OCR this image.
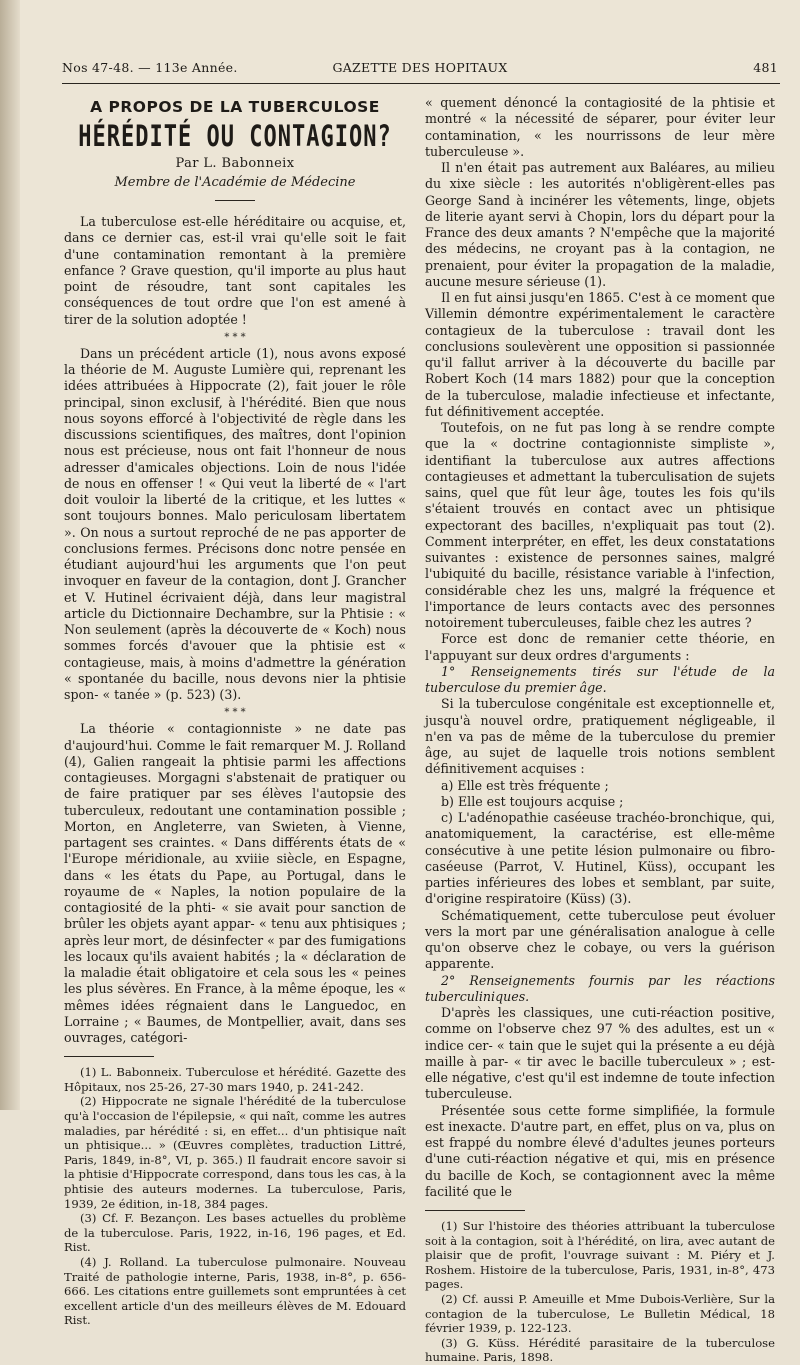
Nos 47-48. — 113e Année.	GAZETTE DES HOPITAUX	481
A PROPOS DE LA TUBERCULOSE
HÉRÉDITÉ OU CONTAGION?
Par L. Babonneix
Membre de l'Académie de Médecine

La tuberculose est-elle héréditaire ou acquise, et, dans ce dernier cas, est-il vrai qu'elle soit le fait d'une contamination remontant à la première enfance ? Grave question, qu'il importe au plus haut point de résoudre, tant sont capitales les conséquences de tout ordre que l'on est amené à tirer de la solution adoptée !

* * *

Dans un précédent article (1), nous avons exposé la théorie de M. Auguste Lumière qui, reprenant les idées attribuées à Hippocrate (2), fait jouer le rôle principal, sinon exclusif, à l'hérédité. Bien que nous nous soyons efforcé à l'objectivité de règle dans les discussions scientifiques, des maîtres, dont l'opinion nous est précieuse, nous ont fait l'honneur de nous adresser d'amicales objections. Loin de nous l'idée de nous en offenser ! « Qui veut la liberté de « l'art doit vouloir la liberté de la critique, et les luttes « sont toujours bonnes. Malo periculosam libertatem ». On nous a surtout reproché de ne pas apporter de conclusions fermes. Précisons donc notre pensée en étudiant aujourd'hui les arguments que l'on peut invoquer en faveur de la contagion, dont J. Grancher et V. Hutinel écrivaient déjà, dans leur magistral article du Dictionnaire Dechambre, sur la Phtisie : « Non seulement (après la découverte de « Koch) nous sommes forcés d'avouer que la phtisie est « contagieuse, mais, à moins d'admettre la génération « spontanée du bacille, nous devons nier la phtisie spon- « tanée » (p. 523) (3).

* * *

La théorie « contagionniste » ne date pas d'aujourd'hui. Comme le fait remarquer M. J. Rolland (4), Galien rangeait la phtisie parmi les affections contagieuses. Morgagni s'abstenait de pratiquer ou de faire pratiquer par ses élèves l'autopsie des tuberculeux, redoutant une contamination possible ; Morton, en Angleterre, van Swieten, à Vienne, partagent ses craintes. « Dans différents états de « l'Europe méridionale, au xviiie siècle, en Espagne, dans « les états du Pape, au Portugal, dans le royaume de « Naples, la notion populaire de la contagiosité de la phti- « sie avait pour sanction de brûler les objets ayant appar- « tenu aux phtisiques ; après leur mort, de désinfecter « par des fumigations les locaux qu'ils avaient habités ; la « déclaration de la maladie était obligatoire et cela sous les « peines les plus sévères. En France, à la même époque, les « mêmes idées régnaient dans le Languedoc, en Lorraine ; « Baumes, de Montpellier, avait, dans ses ouvrages, catégori-

(1) L. Babonneix. Tuberculose et hérédité. Gazette des Hôpitaux, nos 25-26, 27-30 mars 1940, p. 241-242.

(2) Hippocrate ne signale l'hérédité de la tuberculose qu'à l'occasion de l'épilepsie, « qui naît, comme les autres maladies, par hérédité : si, en effet... d'un phtisique naît un phtisique... » (Œuvres complètes, traduction Littré, Paris, 1849, in-8°, VI, p. 365.) Il faudrait encore savoir si la phtisie d'Hippocrate correspond, dans tous les cas, à la phtisie des auteurs modernes. La tuberculose, Paris, 1939, 2e édition, in-18, 384 pages.

(3) Cf. F. Bezançon. Les bases actuelles du problème de la tuberculose. Paris, 1922, in-16, 196 pages, et Ed. Rist.

(4) J. Rolland. La tuberculose pulmonaire. Nouveau Traité de pathologie interne, Paris, 1938, in-8°, p. 656-666. Les citations entre guillemets sont empruntées à cet excellent article d'un des meilleurs élèves de M. Edouard Rist.

« quement dénoncé la contagiosité de la phtisie et montré « la nécessité de séparer, pour éviter leur contamination, « les nourrissons de leur mère tuberculeuse ».

Il n'en était pas autrement aux Baléares, au milieu du xixe siècle : les autorités n'obligèrent-elles pas George Sand à incinérer les vêtements, linge, objets de literie ayant servi à Chopin, lors du départ pour la France des deux amants ? N'empêche que la majorité des médecins, ne croyant pas à la contagion, ne prenaient, pour éviter la propagation de la maladie, aucune mesure sérieuse (1).

Il en fut ainsi jusqu'en 1865. C'est à ce moment que Villemin démontre expérimentalement le caractère contagieux de la tuberculose : travail dont les conclusions soulevèrent une opposition si passionnée qu'il fallut arriver à la découverte du bacille par Robert Koch (14 mars 1882) pour que la conception de la tuberculose, maladie infectieuse et infectante, fut définitivement acceptée.

Toutefois, on ne fut pas long à se rendre compte que la « doctrine contagionniste simpliste », identifiant la tuberculose aux autres affections contagieuses et admettant la tuberculisation de sujets sains, quel que fût leur âge, toutes les fois qu'ils s'étaient trouvés en contact avec un phtisique expectorant des bacilles, n'expliquait pas tout (2). Comment interpréter, en effet, les deux constatations suivantes : existence de personnes saines, malgré l'ubiquité du bacille, résistance variable à l'infection, considérable chez les uns, malgré la fréquence et l'importance de leurs contacts avec des personnes notoirement tuberculeuses, faible chez les autres ?

Force est donc de remanier cette théorie, en l'appuyant sur deux ordres d'arguments :

1° Renseignements tirés sur l'étude de la tuberculose du premier âge.

Si la tuberculose congénitale est exceptionnelle et, jusqu'à nouvel ordre, pratiquement négligeable, il n'en va pas de même de la tuberculose du premier âge, au sujet de laquelle trois notions semblent définitivement acquises :

a) Elle est très fréquente ;

b) Elle est toujours acquise ;

c) L'adénopathie caséeuse trachéo-bronchique, qui, anatomiquement, la caractérise, est elle-même consécutive à une petite lésion pulmonaire ou fibro-caséeuse (Parrot, V. Hutinel, Küss), occupant les parties inférieures des lobes et semblant, par suite, d'origine respiratoire (Küss) (3).

Schématiquement, cette tuberculose peut évoluer vers la mort par une généralisation analogue à celle qu'on observe chez le cobaye, ou vers la guérison apparente.

2° Renseignements fournis par les réactions tuberculiniques.

D'après les classiques, une cuti-réaction positive, comme on l'observe chez 97 % des adultes, est un « indice cer- « tain que le sujet qui la présente a eu déjà maille à par- « tir avec le bacille tuberculeux » ; est-elle négative, c'est qu'il est indemne de toute infection tuberculeuse.

Présentée sous cette forme simplifiée, la formule est inexacte. D'autre part, en effet, plus on va, plus on est frappé du nombre élevé d'adultes jeunes porteurs d'une cuti-réaction négative et qui, mis en présence du bacille de Koch, se contagionnent avec la même facilité que le

(1) Sur l'histoire des théories attribuant la tuberculose soit à la contagion, soit à l'hérédité, on lira, avec autant de plaisir que de profit, l'ouvrage suivant : M. Piéry et J. Roshem. Histoire de la tuberculose, Paris, 1931, in-8°, 473 pages.

(2) Cf. aussi P. Ameuille et Mme Dubois-Verlière, Sur la contagion de la tuberculose, Le Bulletin Médical, 18 février 1939, p. 122-123.

(3) G. Küss. Hérédité parasitaire de la tuberculose humaine. Paris, 1898.
